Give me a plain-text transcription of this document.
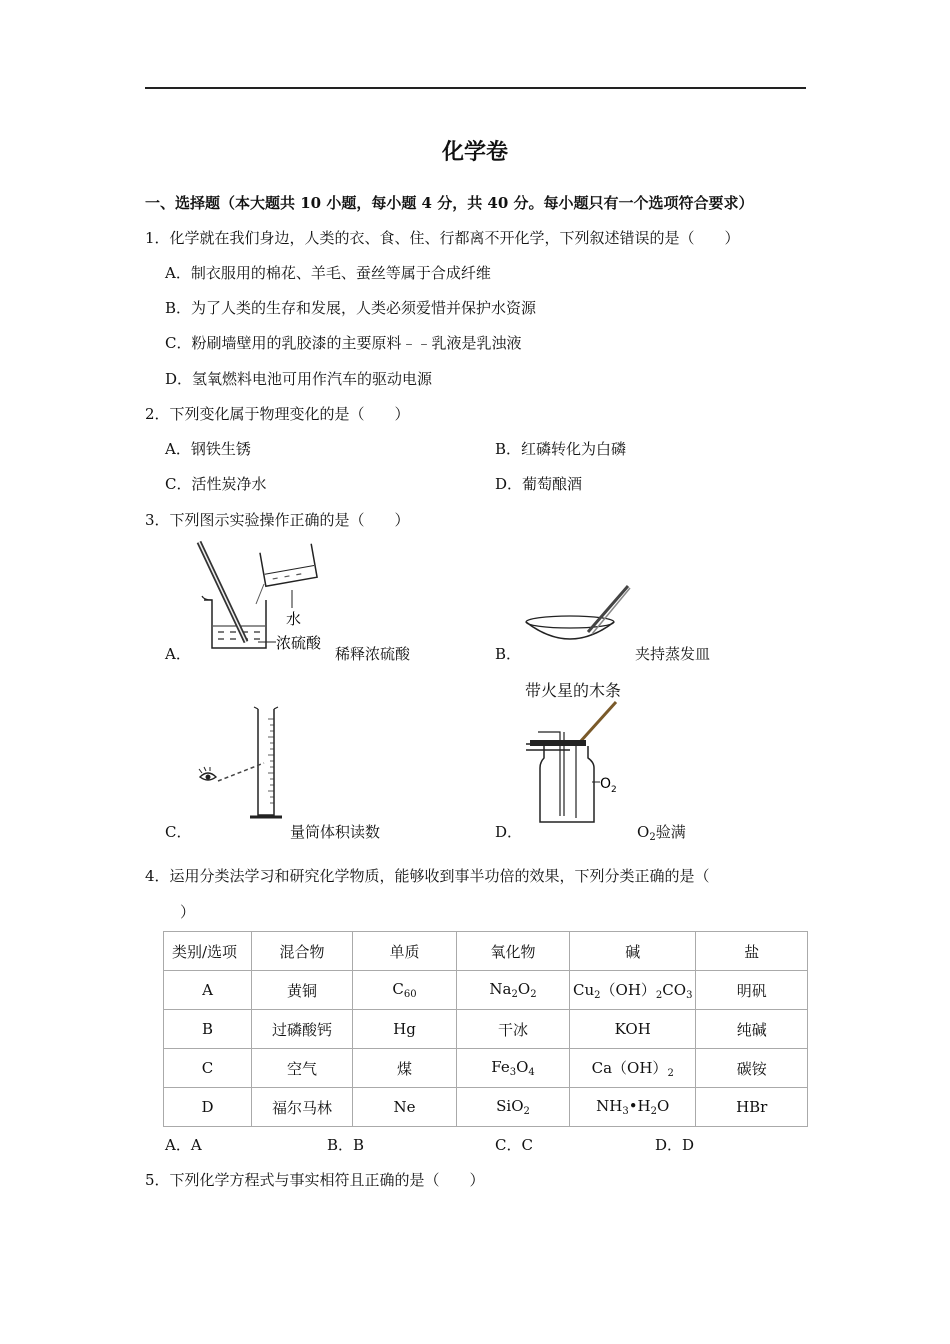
化学卷
一、选择题（本大题共 10 小题，每小题 4 分，共 40 分。每小题只有一个选项符合要求）
1．化学就在我们身边，人类的衣、食、住、行都离不开化学，下列叙述错误的是（　　）
A．制衣服用的棉花、羊毛、蚕丝等属于合成纤维
B．为了人类的生存和发展，人类必须爱惜并保护水资源
C．粉刷墙壁用的乳胶漆的主要原料﹣﹣乳液是乳浊液
D．氢氧燃料电池可用作汽车的驱动电源
2．下列变化属于物理变化的是（　　）
A．钢铁生锈	B．红磷转化为白磷
C．活性炭净水	D．葡萄酿酒
3．下列图示实验操作正确的是（　　）
A．
水
浓硫酸
稀释浓硫酸	B．	夹持蒸发皿
C．	量筒体积读数	D．
带火星的木条
O 2
$O_2$验满
4．运用分类法学习和研究化学物质，能够收到事半功倍的效果，下列分类正确的是（
）
类别/选项	混合物	单质	氧化物	碱	盐
A	黄铜	$C_{60}$	$Na_2O_2$	$Cu_2(OH)_2CO_3$	明矾
B	过磷酸钙	Hg	干冰	KOH	纯碱
C	空气	煤	$Fe_3O_4$	$Ca(OH)_2$	碳铵
D	福尔马林	Ne	SiO$_2$	$NH_3•H_2O$	HBr
A．A	B．B	C．C	D．D
5．下列化学方程式与事实相符且正确的是（　　）
